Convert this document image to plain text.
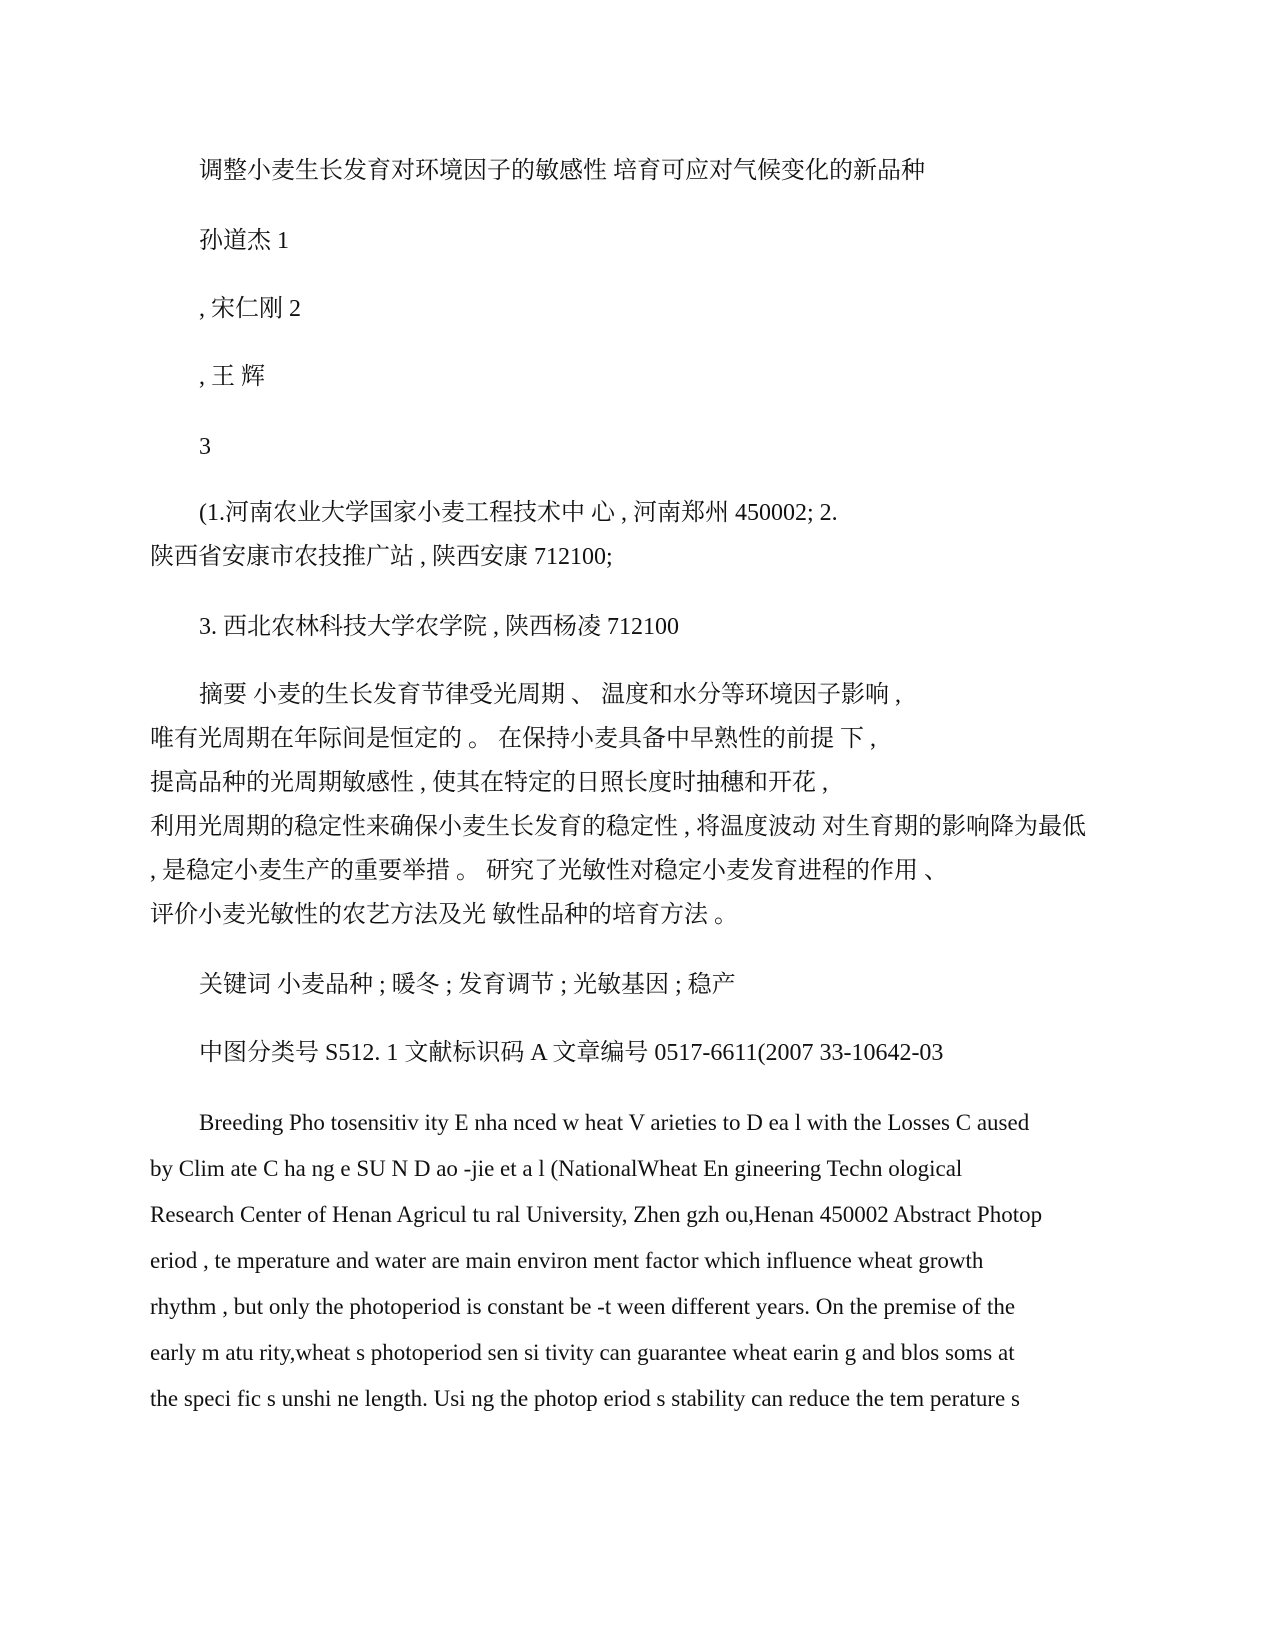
调整小麦生长发育对环境因子的敏感性 培育可应对气候变化的新品种
孙道杰 1
, 宋仁刚 2
, 王 辉
3
(1.河南农业大学国家小麦工程技术中 心 , 河南郑州 450002; 2.
陕西省安康市农技推广站 , 陕西安康 712100;
3. 西北农林科技大学农学院 , 陕西杨凌 712100
摘要 小麦的生长发育节律受光周期 、 温度和水分等环境因子影响 ,
唯有光周期在年际间是恒定的 。 在保持小麦具备中早熟性的前提 下 ,
提高品种的光周期敏感性 , 使其在特定的日照长度时抽穗和开花 ,
利用光周期的稳定性来确保小麦生长发育的稳定性 , 将温度波动 对生育期的影响降为最低
, 是稳定小麦生产的重要举措 。 研究了光敏性对稳定小麦发育进程的作用 、
评价小麦光敏性的农艺方法及光 敏性品种的培育方法 。
关键词 小麦品种 ; 暖冬 ; 发育调节 ; 光敏基因 ; 稳产
中图分类号 S512. 1 文献标识码 A 文章编号 0517-6611(2007 33-10642-03
Breeding Pho tosensitiv ity E nha nced w heat V arieties to D ea l with the Losses C aused
by Clim ate C ha ng e SU N D ao -jie et a l (NationalWheat En gineering Techn ological
Research Center of Henan Agricul tu ral University, Zhen gzh ou,Henan 450002 Abstract Photop
eriod , te mperature and water are main environ ment factor which influence wheat growth
rhythm , but only the photoperiod is constant be -t ween different years. On the premise of the
early m atu rity,wheat s photoperiod sen si tivity can guarantee wheat earin g and blos soms at
the speci fic s unshi ne length. Usi ng the photop eriod s stability can reduce the tem perature s
